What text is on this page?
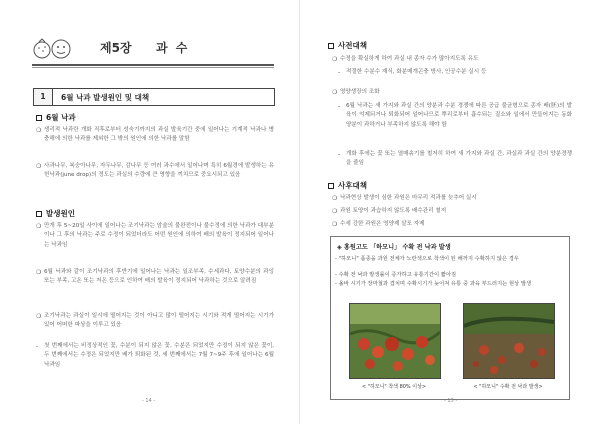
제5장 과 수
1	6월 낙과 발생원인 및 대책
6월 낙과
❍ 생리적 낙과란 개화 직후로부터 성숙기까지의 과실 발육기간 중에 일어나는 기계적 낙과나 병충해에 의한 낙과를 제외한 그 밖의 원인에 의한 낙과를 말함
❍ 사과나무, 복숭아나무, 자두나무, 감나무 등 여러 과수에서 일어나며 특히 6월경에 발생하는 유헌낙과(june drop)의 정도는 과실의 수량에 큰 영향을 끼치므로 중요시되고 있음
발생원인
❍ 만개 후 5~20일 사이에 일어나는 조기낙과는 암술의 불완전이나 불수정에 의한 낙과가 대부분이나 그 후의 낙과는 주로 수정이 되었더라도 어떤 원인에 의하여 배의 발육이 정지되어 일어나는 낙과임
❍ 6월 낙과와 같이 조기낙과의 후반기에 일어나는 낙과는 일조부족, 수세과다, 토양수분의 과잉 또는 부족, 고온 또는 저온 등으로 인하여 배의 발육이 정지되어 낙과하는 것으로 알려짐
❍ 조기낙과는 과실이 일시에 떨어지는 것이 아니고 많이 떨어지는 시기와 적게 떨어지는 시기가 있어 어떠한 파상을 이루고 있음
- 첫 번째에서는 비정상적인 꽃, 수분이 되지 않은 꽃, 수분은 되었지만 수정이 되지 않은 꽃이, 두 번째에서는 수정은 되었지만 배가 퇴화된 것, 세 번째에서는 7월 7~9주 후에 일어나는 6월 낙과임
- 14 -
사전대책
❍ 수정을 확실하게 하여 과실 내 종자 수가 많아지도록 유도
- 적절한 수분수 재식, 화분매개곤충 방사, 인공수분 실시 등
❍ 영양생장의 조화
- 6월 낙과는 새 가지와 과실 간의 양분과 수분 경쟁에 따른 공급 불균형으로 종자 배(胚)의 발육이 억제되거나 퇴화되어 일어나므로 뿌리로부터 흡수되는 질소와 일에서 만들어지는 동화양분이 과하거나 부족하지 않도록 해야 함
- 개화 후에는 꽃 또는 열매솎기를 철저히 하여 새 가지와 과실 간, 과실과 과실 간의 양분경쟁을 줄임
사후대책
❍ 낙과현상 발생이 심한 과원은 마무리 적과를 늦추어 실시
❍ 과원 토양이 과습하지 않도록 배수관리 철저
❍ 수세 강한 과원은 영양제 살포 자제
◈ 홍원고도 「하모니」 수확 전 낙과 발생
- "하모니" 품종을 과원 전체가 노란색으로 착색이 된 해까지 수확하지 않은 경우
- 수확 전 낙과 발생률이 증가하고 유통기간이 짧아짐
- 올바 시기가 장마철과 겹치며 수확시기가 늦어져 유통 중 과육 부드러지는 현상 발생
< "하모니" 착색 80% 이상>	< "하모니" 수확 전 낙과 발생>
- 15 -
